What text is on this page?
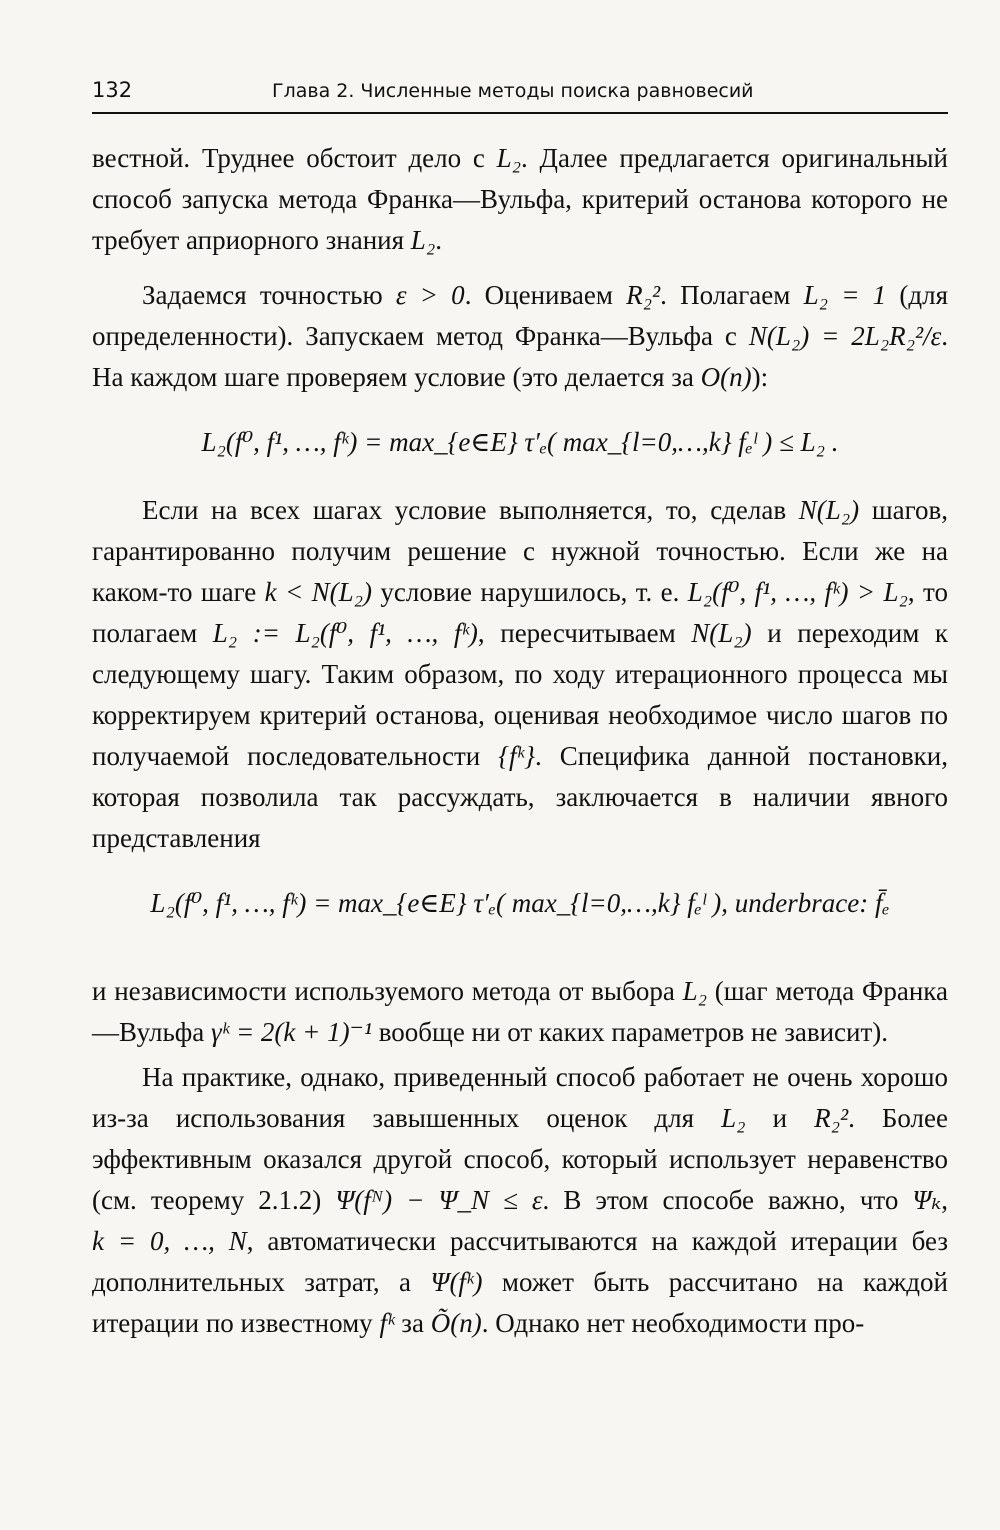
132	Глава 2. Численные методы поиска равновесий

вестной. Труднее обстоит дело с L₂. Далее предлагается оригинальный способ запуска метода Франка—Вульфа, критерий останова которого не требует априорного знания L₂.

Задаемся точностью ε > 0. Оцениваем R₂². Полагаем L₂ = 1 (для определенности). Запускаем метод Франка—Вульфа с N(L₂) = 2L₂R₂²/ε. На каждом шаге проверяем условие (это делается за O(n)):

L₂(f⁰, f¹, …, fᵏ) = max_{e∈E} τ′ₑ( max_{l=0,…,k} fₑˡ ) ≤ L₂ .

Если на всех шагах условие выполняется, то, сделав N(L₂) шагов, гарантированно получим решение с нужной точностью. Если же на каком-то шаге k < N(L₂) условие нарушилось, т. е. L₂(f⁰, f¹, …, fᵏ) > L₂, то полагаем L₂ := L₂(f⁰, f¹, …, fᵏ), пересчитываем N(L₂) и переходим к следующему шагу. Таким образом, по ходу итерационного процесса мы корректируем критерий останова, оценивая необходимое число шагов по получаемой последовательности {fᵏ}. Специфика данной постановки, которая позволила так рассуждать, заключается в наличии явного представления

L₂(f⁰, f¹, …, fᵏ) = max_{e∈E} τ′ₑ( max_{l=0,…,k} fₑˡ ), underbrace: f̄ₑ

и независимости используемого метода от выбора L₂ (шаг метода Франка—Вульфа γᵏ = 2(k + 1)⁻¹ вообще ни от каких параметров не зависит).

На практике, однако, приведенный способ работает не очень хорошо из-за использования завышенных оценок для L₂ и R₂². Более эффективным оказался другой способ, который использует неравенство (см. теорему 2.1.2) Ψ(fᴺ) − Ψ_N ≤ ε. В этом способе важно, что Ψₖ, k = 0, …, N, автоматически рассчитываются на каждой итерации без дополнительных затрат, а Ψ(fᵏ) может быть рассчитано на каждой итерации по известному fᵏ за Õ(n). Однако нет необходимости про-
